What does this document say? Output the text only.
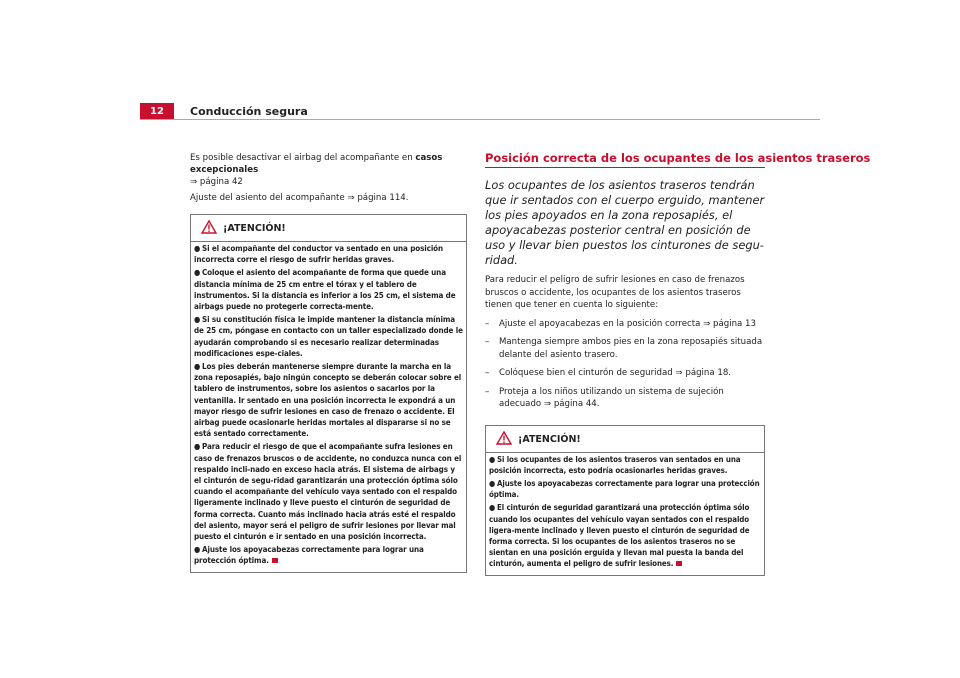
12	Conducción segura
Es posible desactivar el airbag del acompañante en casos excepcionales
⇒ página 42
Ajuste del asiento del acompañante ⇒ página 114.
¡ATENCIÓN!
● Si el acompañante del conductor va sentado en una posición incorrecta corre el riesgo de sufrir heridas graves.
● Coloque el asiento del acompañante de forma que quede una distancia mínima de 25 cm entre el tórax y el tablero de instrumentos. Si la distancia es inferior a los 25 cm, el sistema de airbags puede no protegerle correcta-mente.
● Si su constitución física le impide mantener la distancia mínima de 25 cm, póngase en contacto con un taller especializado donde le ayudarán comprobando si es necesario realizar determinadas modificaciones espe-ciales.
● Los pies deberán mantenerse siempre durante la marcha en la zona reposapiés, bajo ningún concepto se deberán colocar sobre el tablero de instrumentos, sobre los asientos o sacarlos por la ventanilla. Ir sentado en una posición incorrecta le expondrá a un mayor riesgo de sufrir lesiones en caso de frenazo o accidente. El airbag puede ocasionarle heridas mortales al dispararse si no se está sentado correctamente.
● Para reducir el riesgo de que el acompañante sufra lesiones en caso de frenazos bruscos o de accidente, no conduzca nunca con el respaldo incli-nado en exceso hacia atrás. El sistema de airbags y el cinturón de segu-ridad garantizarán una protección óptima sólo cuando el acompañante del vehículo vaya sentado con el respaldo ligeramente inclinado y lleve puesto el cinturón de seguridad de forma correcta. Cuanto más inclinado hacia atrás esté el respaldo del asiento, mayor será el peligro de sufrir lesiones por llevar mal puesto el cinturón e ir sentado en una posición incorrecta.
● Ajuste los apoyacabezas correctamente para lograr una protección óptima.
Posición correcta de los ocupantes de los asientos traseros

Los ocupantes de los asientos traseros tendrán que ir sentados con el cuerpo erguido, mantener los pies apoyados en la zona reposapiés, el apoyacabezas posterior central en posición de uso y llevar bien puestos los cinturones de segu-ridad.

Para reducir el peligro de sufrir lesiones en caso de frenazos bruscos o accidente, los ocupantes de los asientos traseros tienen que tener en cuenta lo siguiente:

–	Ajuste el apoyacabezas en la posición correcta ⇒ página 13
–	Mantenga siempre ambos pies en la zona reposapiés situada delante del asiento trasero.
–	Colóquese bien el cinturón de seguridad ⇒ página 18.
–	Proteja a los niños utilizando un sistema de sujeción adecuado ⇒ página 44.
¡ATENCIÓN!
● Si los ocupantes de los asientos traseros van sentados en una posición incorrecta, esto podría ocasionarles heridas graves.
● Ajuste los apoyacabezas correctamente para lograr una protección óptima.
● El cinturón de seguridad garantizará una protección óptima sólo cuando los ocupantes del vehículo vayan sentados con el respaldo ligera-mente inclinado y lleven puesto el cinturón de seguridad de forma correcta. Si los ocupantes de los asientos traseros no se sientan en una posición erguida y llevan mal puesta la banda del cinturón, aumenta el peligro de sufrir lesiones.
